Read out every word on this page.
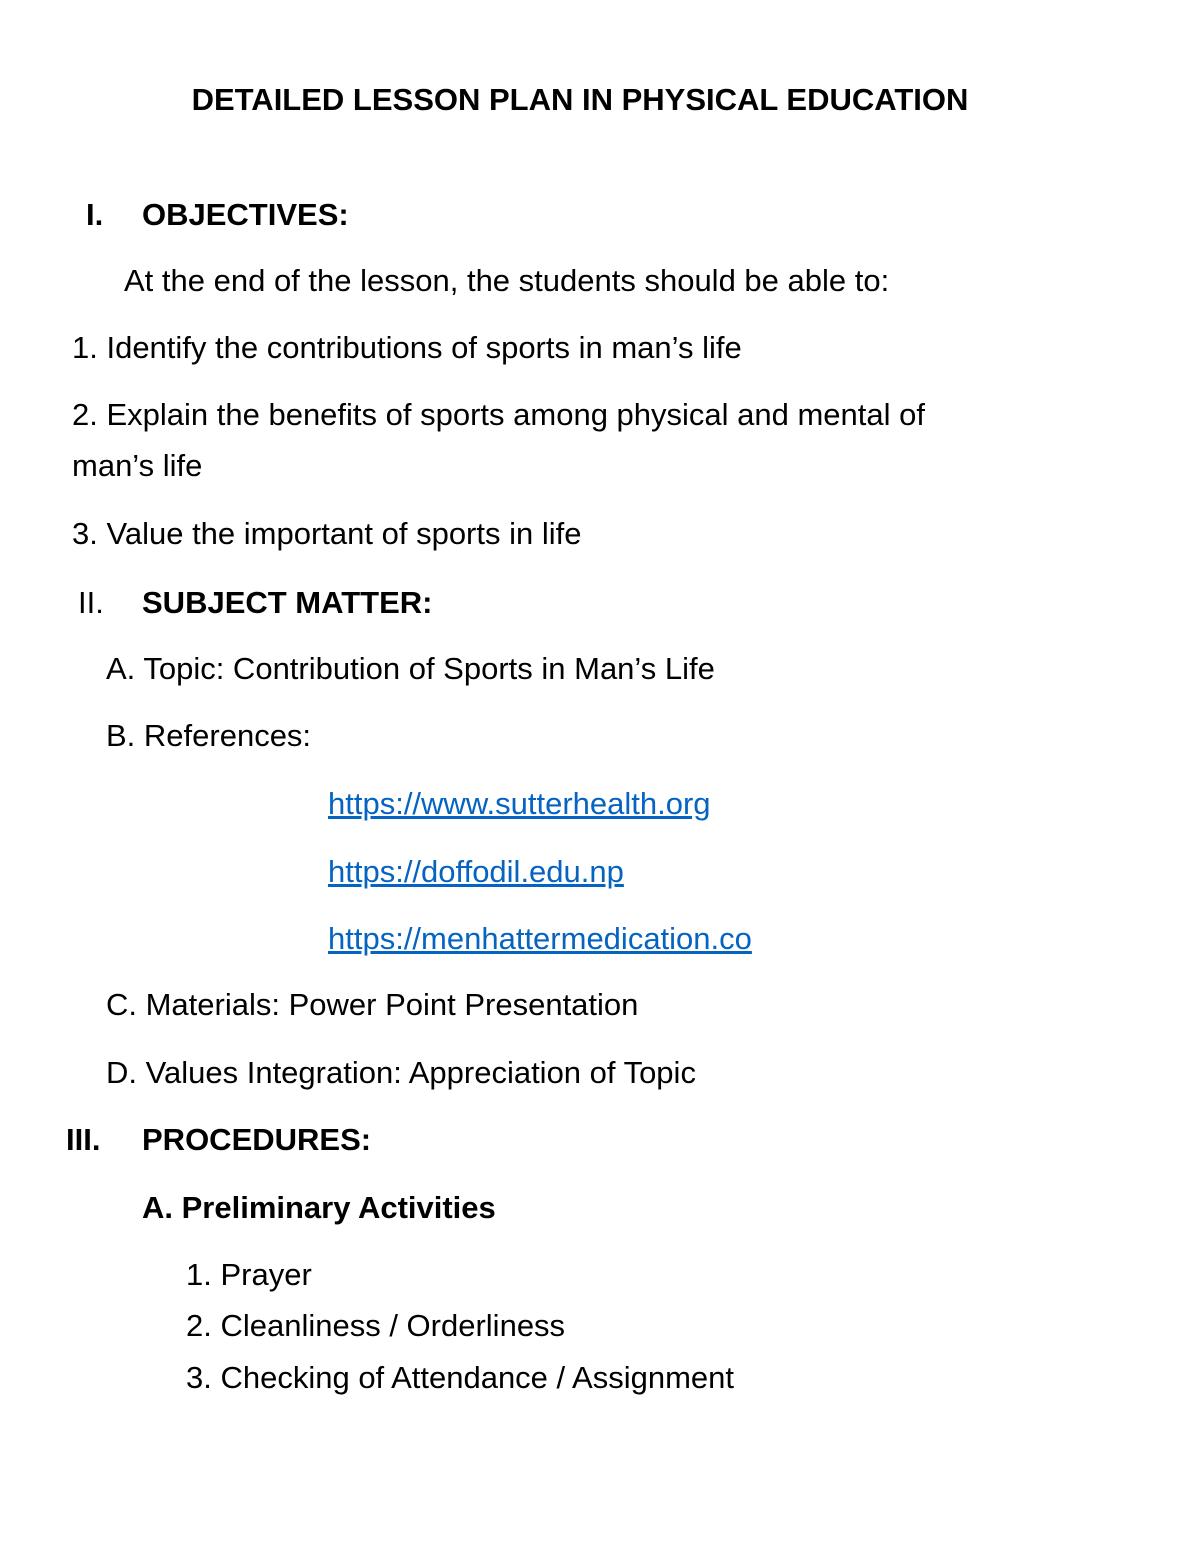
DETAILED LESSON PLAN IN PHYSICAL EDUCATION
I. OBJECTIVES:
At the end of the lesson, the students should be able to:
1. Identify the contributions of sports in man’s life
2. Explain the benefits of sports among physical and mental of
man’s life
3. Value the important of sports in life
II. SUBJECT MATTER:
A. Topic: Contribution of Sports in Man’s Life
B. References:
https://www.sutterhealth.org
https://doffodil.edu.np
https://menhattermedication.co
C. Materials: Power Point Presentation
D. Values Integration: Appreciation of Topic
III. PROCEDURES:
A. Preliminary Activities
1. Prayer
2. Cleanliness / Orderliness
3. Checking of Attendance / Assignment
